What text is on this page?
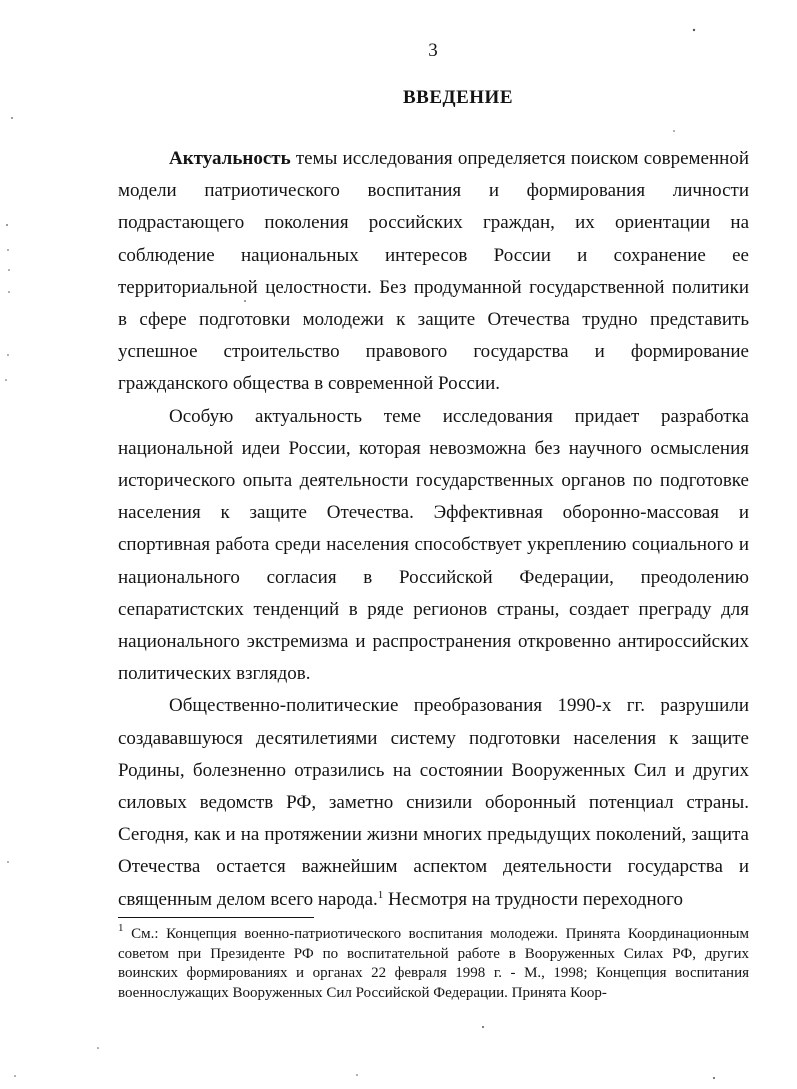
3
ВВЕДЕНИЕ

Актуальность темы исследования определяется поиском современной модели патриотического воспитания и формирования личности подрастающего поколения российских граждан, их ориентации на соблюдение национальных интересов России и сохранение ее территориальной целостности. Без продуманной государственной политики в сфере подготовки молодежи к защите Отечества трудно представить успешное строительство правового государства и формирование гражданского общества в современной России.

Особую актуальность теме исследования придает разработка национальной идеи России, которая невозможна без научного осмысления исторического опыта деятельности государственных органов по подготовке населения к защите Отечества. Эффективная оборонно-массовая и спортивная работа среди населения способствует укреплению социального и национального согласия в Российской Федерации, преодолению сепаратистских тенденций в ряде регионов страны, создает преграду для национального экстремизма и распространения откровенно антироссийских политических взглядов.

Общественно-политические преобразования 1990-х гг. разрушили создававшуюся десятилетиями систему подготовки населения к защите Родины, болезненно отразились на состоянии Вооруженных Сил и других силовых ведомств РФ, заметно снизили оборонный потенциал страны. Сегодня, как и на протяжении жизни многих предыдущих поколений, защита Отечества остается важнейшим аспектом деятельности государства и священным делом всего народа.$^1$ Несмотря на трудности переходного

$^1$ См.: Концепция военно-патриотического воспитания молодежи. Принята Координационным советом при Президенте РФ по воспитательной работе в Вооруженных Силах РФ, других воинских формированиях и органах 22 февраля 1998 г. - М., 1998; Концепция воспитания военнослужащих Вооруженных Сил Российской Федерации. Принята Коор-
